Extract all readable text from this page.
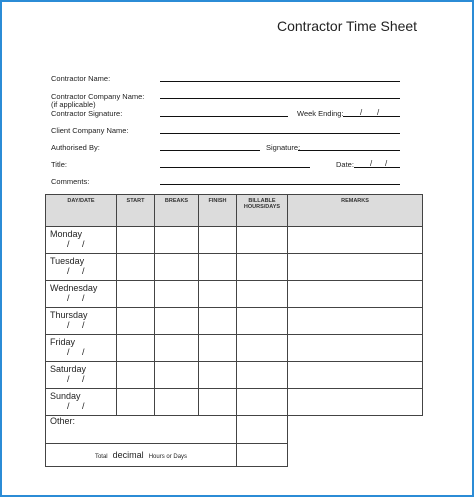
Contractor Time Sheet
Contractor Name:
Contractor Company Name:
(if applicable)
Contractor Signature:	Week Ending: / /
Client Company Name:
Authorised By:	Signature:
Title:	Date: / /
Comments:
DAY/DATE	START	BREAKS	FINISH	BILLABLE HOURS/DAYS	REMARKS

Monday
/ /					

Tuesday
/ /					

Wednesday
/ /					

Thursday
/ /					

Friday
/ /					

Saturday
/ /					

Sunday
/ /					

Other:					
Total decimal Hours or Days					
